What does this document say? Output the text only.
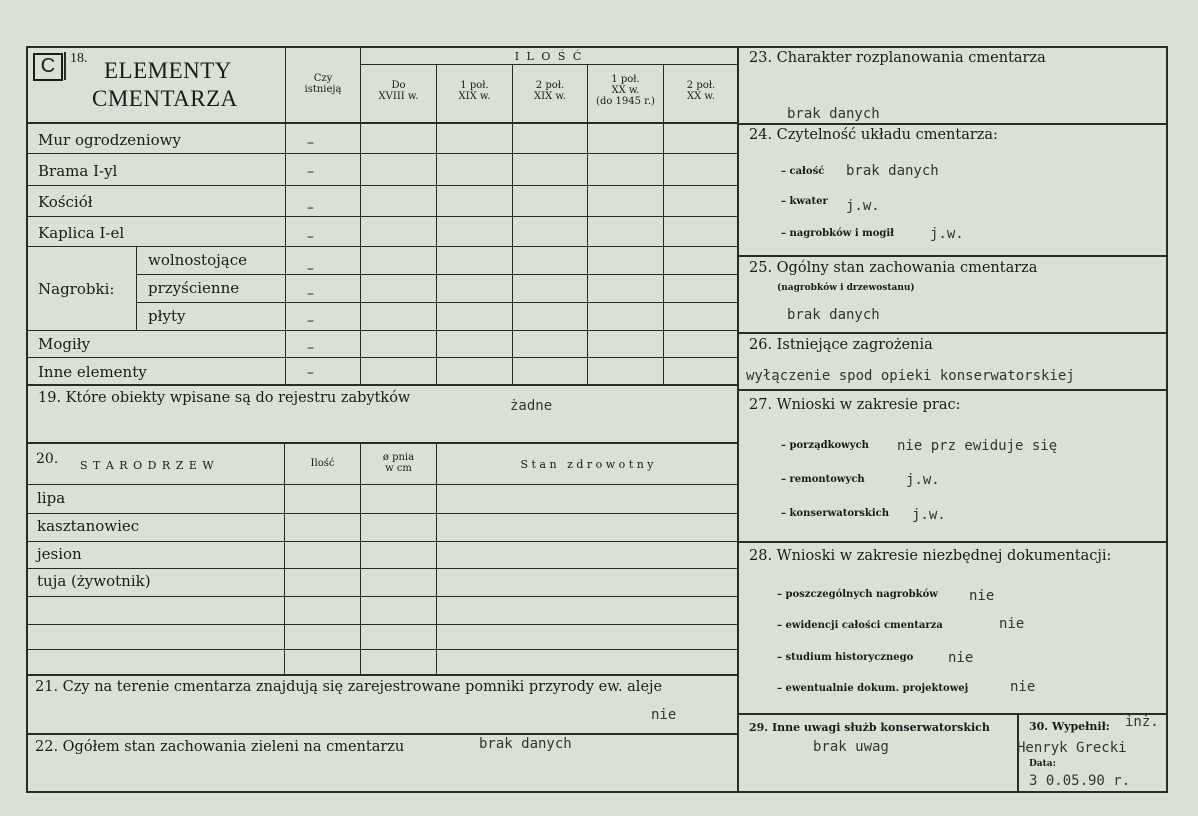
C	18. ELEMENTY
CMENTARZA
Czy
istnieją
I L O Ś Ć
Do
XVIII w.
1 poł.
XIX w.
2 poł.
XIX w.
1 poł.
XX w.
(do 1945 r.)
2 poł.
XX w.
Mur ogrodzeniowy	–
Brama I-yl	–
Kościół	–
Kaplica I-el	–
Nagrobki:
wolnostojące	–
przyścienne	–
płyty	–
Mogiły	–
Inne elementy	–
19. Które obiekty wpisane są do rejestru zabytków	żadne
20. S T A R O D R Z E W	Ilość
ø pnia
w cm	S t a n   z d r o w o t n y
lipa
kasztanowiec
jesion
tuja (żywotnik)
21. Czy na terenie cmentarza znajdują się zarejestrowane pomniki przyrody ew. aleje
nie
22. Ogółem stan zachowania zieleni na cmentarzu	brak danych
23. Charakter rozplanowania cmentarza
brak danych
24. Czytelność układu cmentarza:
– całość brak danych
– kwater j.w.
– nagrobków i mogił	j.w.
25. Ogólny stan zachowania cmentarza
(nagrobków i drzewostanu)
brak danych
26. Istniejące zagrożenia
wyłączenie spod opieki konserwatorskiej
27. Wnioski w zakresie prac:
– porządkowych nie prz ewiduje się
– remontowych	j.w.
– konserwatorskich j.w.
28. Wnioski w zakresie niezbędnej dokumentacji:
– poszczególnych nagrobków nie
– ewidencji całości cmentarza	nie
– studium historycznego nie
– ewentualnie dokum. projektowej	nie
29. Inne uwagi służb konserwatorskich
brak uwag
30. Wypełnił: inż.
Henryk Grecki
Data:
3 0.05.90 r.
